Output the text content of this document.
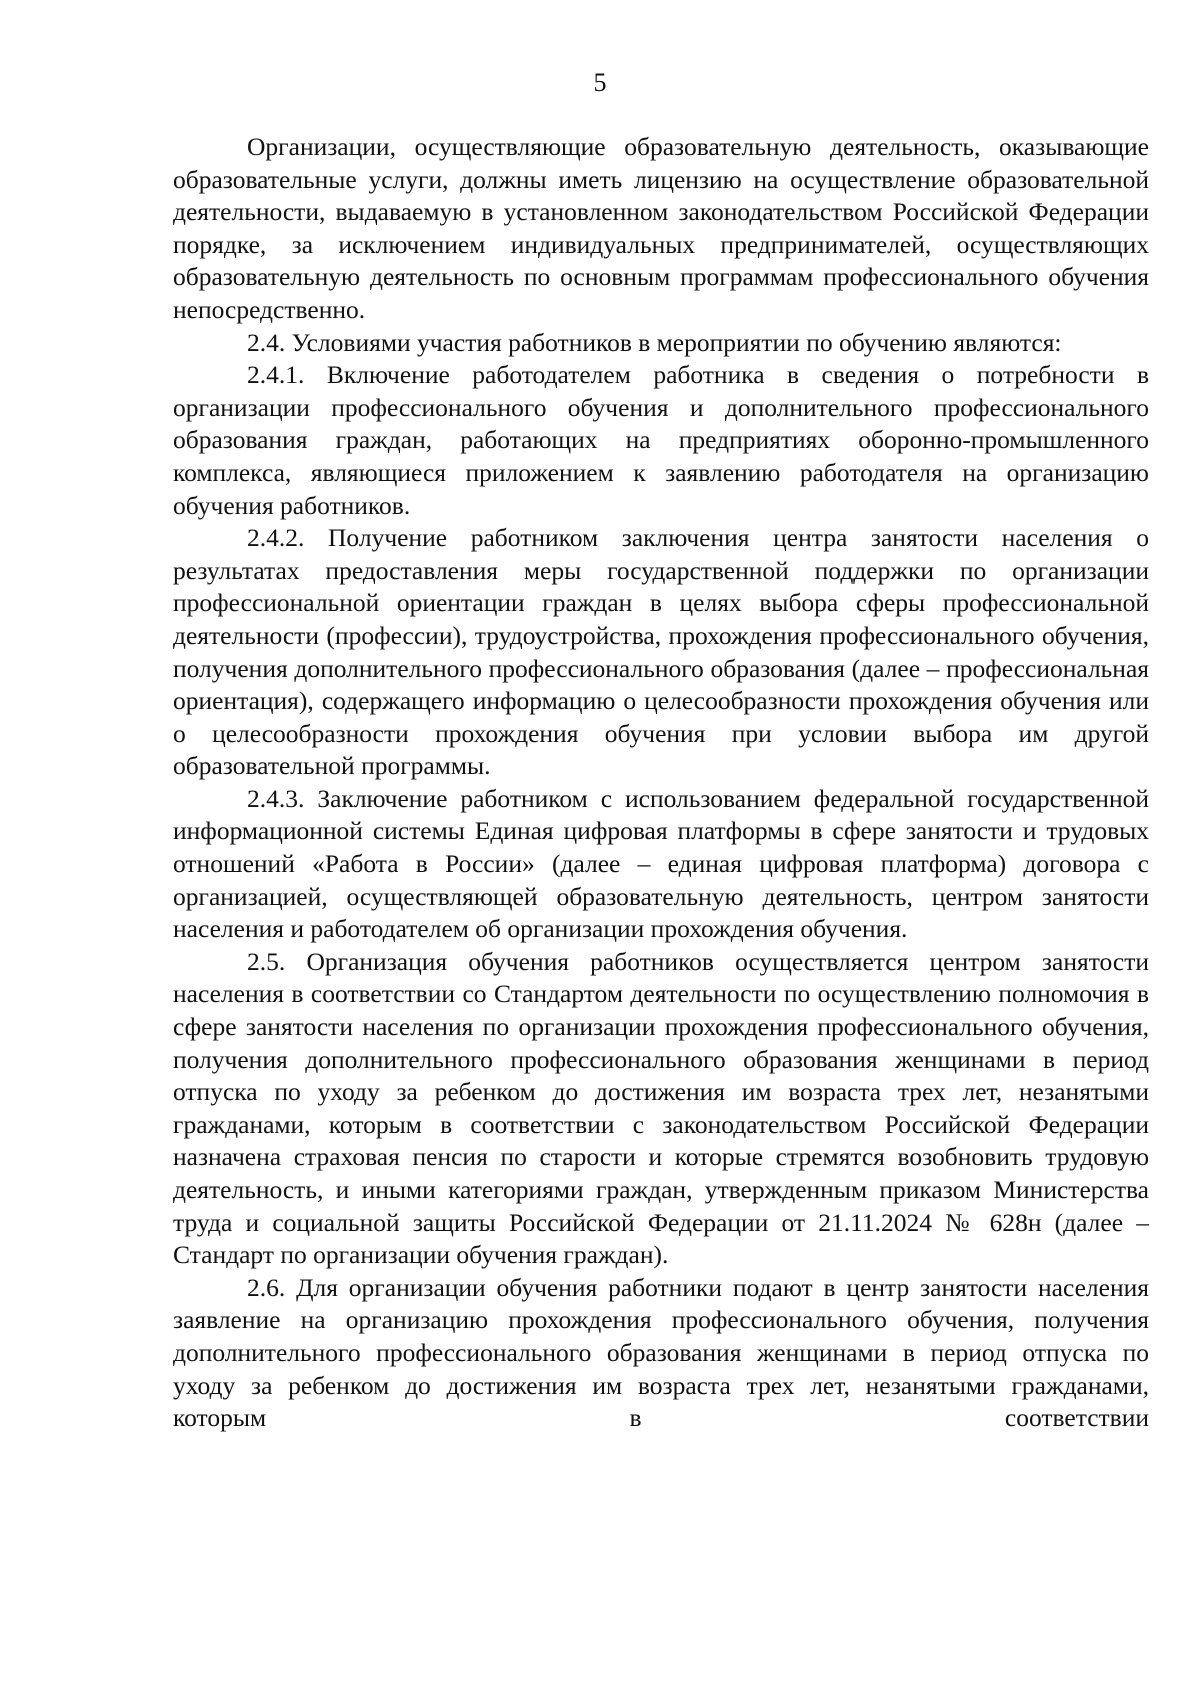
5

Организации, осуществляющие образовательную деятельность, оказывающие образовательные услуги, должны иметь лицензию на осуществление образовательной деятельности, выдаваемую в установленном законодательством Российской Федерации порядке, за исключением индивидуальных предпринимателей, осуществляющих образовательную деятельность по основным программам профессионального обучения непосредственно.

2.4. Условиями участия работников в мероприятии по обучению являются:

2.4.1. Включение работодателем работника в сведения о потребности в организации профессионального обучения и дополнительного профессионального образования граждан, работающих на предприятиях оборонно-промышленного комплекса, являющиеся приложением к заявлению работодателя на организацию обучения работников.

2.4.2. Получение работником заключения центра занятости населения о результатах предоставления меры государственной поддержки по организации профессиональной ориентации граждан в целях выбора сферы профессиональной деятельности (профессии), трудоустройства, прохождения профессионального обучения, получения дополнительного профессионального образования (далее – профессиональная ориентация), содержащего информацию о целесообразности прохождения обучения или о целесообразности прохождения обучения при условии выбора им другой образовательной программы.

2.4.3. Заключение работником с использованием федеральной государственной информационной системы Единая цифровая платформы в сфере занятости и трудовых отношений «Работа в России» (далее – единая цифровая платформа) договора с организацией, осуществляющей образовательную деятельность, центром занятости населения и работодателем об организации прохождения обучения.

2.5. Организация обучения работников осуществляется центром занятости населения в соответствии со Стандартом деятельности по осуществлению полномочия в сфере занятости населения по организации прохождения профессионального обучения, получения дополнительного профессионального образования женщинами в период отпуска по уходу за ребенком до достижения им возраста трех лет, незанятыми гражданами, которым в соответствии с законодательством Российской Федерации назначена страховая пенсия по старости и которые стремятся возобновить трудовую деятельность, и иными категориями граждан, утвержденным приказом Министерства труда и социальной защиты Российской Федерации от 21.11.2024 № 628н (далее – Стандарт по организации обучения граждан).

2.6. Для организации обучения работники подают в центр занятости населения заявление на организацию прохождения профессионального обучения, получения дополнительного профессионального образования женщинами в период отпуска по уходу за ребенком до достижения им возраста трех лет, незанятыми гражданами, которым в соответствии
